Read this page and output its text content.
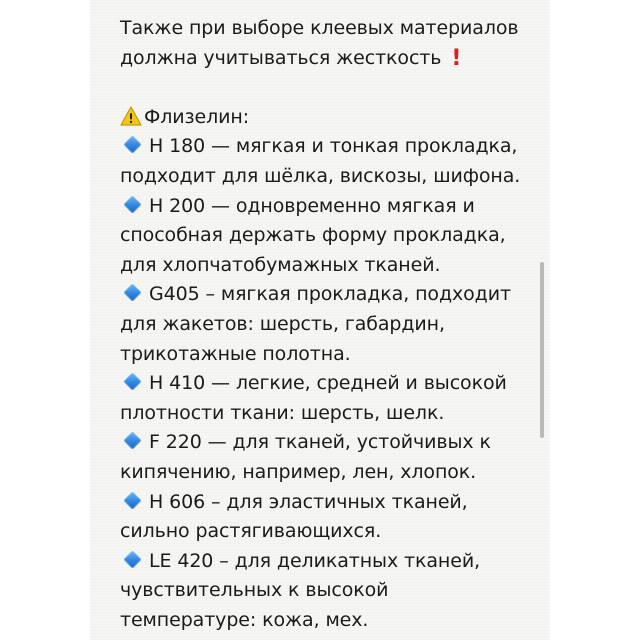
Также при выборе клеевых материалов
должна учитываться жесткость !
Флизелин:
H 180 — мягкая и тонкая прокладка,
подходит для шёлка, вискозы, шифона.
H 200 — одновременно мягкая и
способная держать форму прокладка,
для хлопчатобумажных тканей.
G405 – мягкая прокладка, подходит
для жакетов: шерсть, габардин,
трикотажные полотна.
H 410 — легкие, средней и высокой
плотности ткани: шерсть, шелк.
F 220 — для тканей, устойчивых к
кипячению, например, лен, хлопок.
H 606 – для эластичных тканей,
сильно растягивающихся.
LE 420 – для деликатных тканей,
чувствительных к высокой
температуре: кожа, мех.
